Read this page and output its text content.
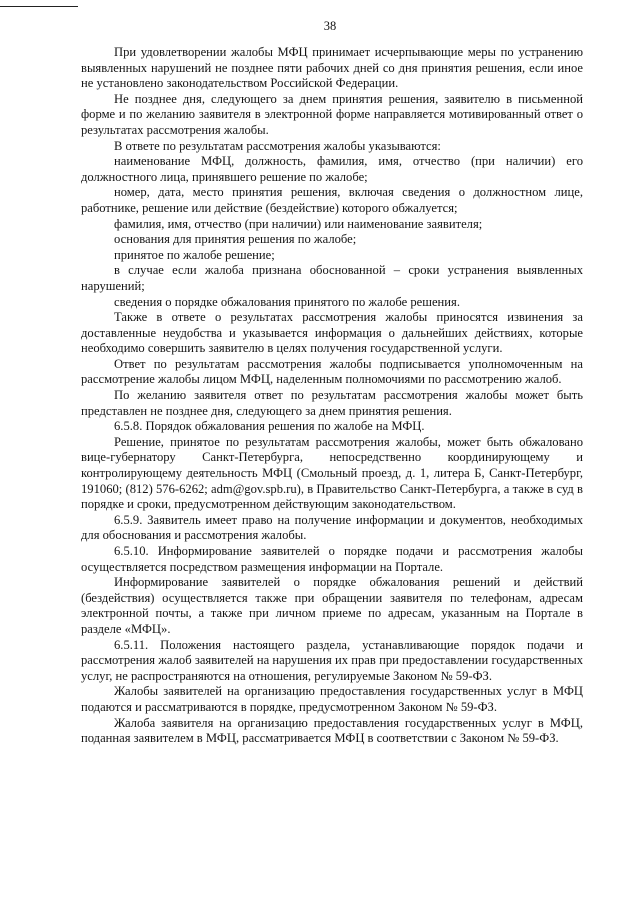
38

При удовлетворении жалобы МФЦ принимает исчерпывающие меры по устранению выявленных нарушений не позднее пяти рабочих дней со дня принятия решения, если иное не установлено законодательством Российской Федерации.

Не позднее дня, следующего за днем принятия решения, заявителю в письменной форме и по желанию заявителя в электронной форме направляется мотивированный ответ о результатах рассмотрения жалобы.

В ответе по результатам рассмотрения жалобы указываются:

наименование МФЦ, должность, фамилия, имя, отчество (при наличии) его должностного лица, принявшего решение по жалобе;

номер, дата, место принятия решения, включая сведения о должностном лице, работнике, решение или действие (бездействие) которого обжалуется;

фамилия, имя, отчество (при наличии) или наименование заявителя;

основания для принятия решения по жалобе;

принятое по жалобе решение;

в случае если жалоба признана обоснованной – сроки устранения выявленных нарушений;

сведения о порядке обжалования принятого по жалобе решения.

Также в ответе о результатах рассмотрения жалобы приносятся извинения за доставленные неудобства и указывается информация о дальнейших действиях, которые необходимо совершить заявителю в целях получения государственной услуги.

Ответ по результатам рассмотрения жалобы подписывается уполномоченным на рассмотрение жалобы лицом МФЦ, наделенным полномочиями по рассмотрению жалоб.

По желанию заявителя ответ по результатам рассмотрения жалобы может быть представлен не позднее дня, следующего за днем принятия решения.

6.5.8. Порядок обжалования решения по жалобе на МФЦ.

Решение, принятое по результатам рассмотрения жалобы, может быть обжаловано вице-губернатору Санкт-Петербурга, непосредственно координирующему и контролирующему деятельность МФЦ (Смольный проезд, д. 1, литера Б, Санкт-Петербург, 191060; (812) 576-6262; adm@gov.spb.ru), в Правительство Санкт-Петербурга, а также в суд в порядке и сроки, предусмотренном действующим законодательством.

6.5.9. Заявитель имеет право на получение информации и документов, необходимых для обоснования и рассмотрения жалобы.

6.5.10. Информирование заявителей о порядке подачи и рассмотрения жалобы осуществляется посредством размещения информации на Портале.

Информирование заявителей о порядке обжалования решений и действий (бездействия) осуществляется также при обращении заявителя по телефонам, адресам электронной почты, а также при личном приеме по адресам, указанным на Портале в разделе «МФЦ».

6.5.11. Положения настоящего раздела, устанавливающие порядок подачи и рассмотрения жалоб заявителей на нарушения их прав при предоставлении государственных услуг, не распространяются на отношения, регулируемые Законом № 59-ФЗ.

Жалобы заявителей на организацию предоставления государственных услуг в МФЦ подаются и рассматриваются в порядке, предусмотренном Законом № 59-ФЗ.

Жалоба заявителя на организацию предоставления государственных услуг в МФЦ, поданная заявителем в МФЦ, рассматривается МФЦ в соответствии с Законом № 59-ФЗ.
